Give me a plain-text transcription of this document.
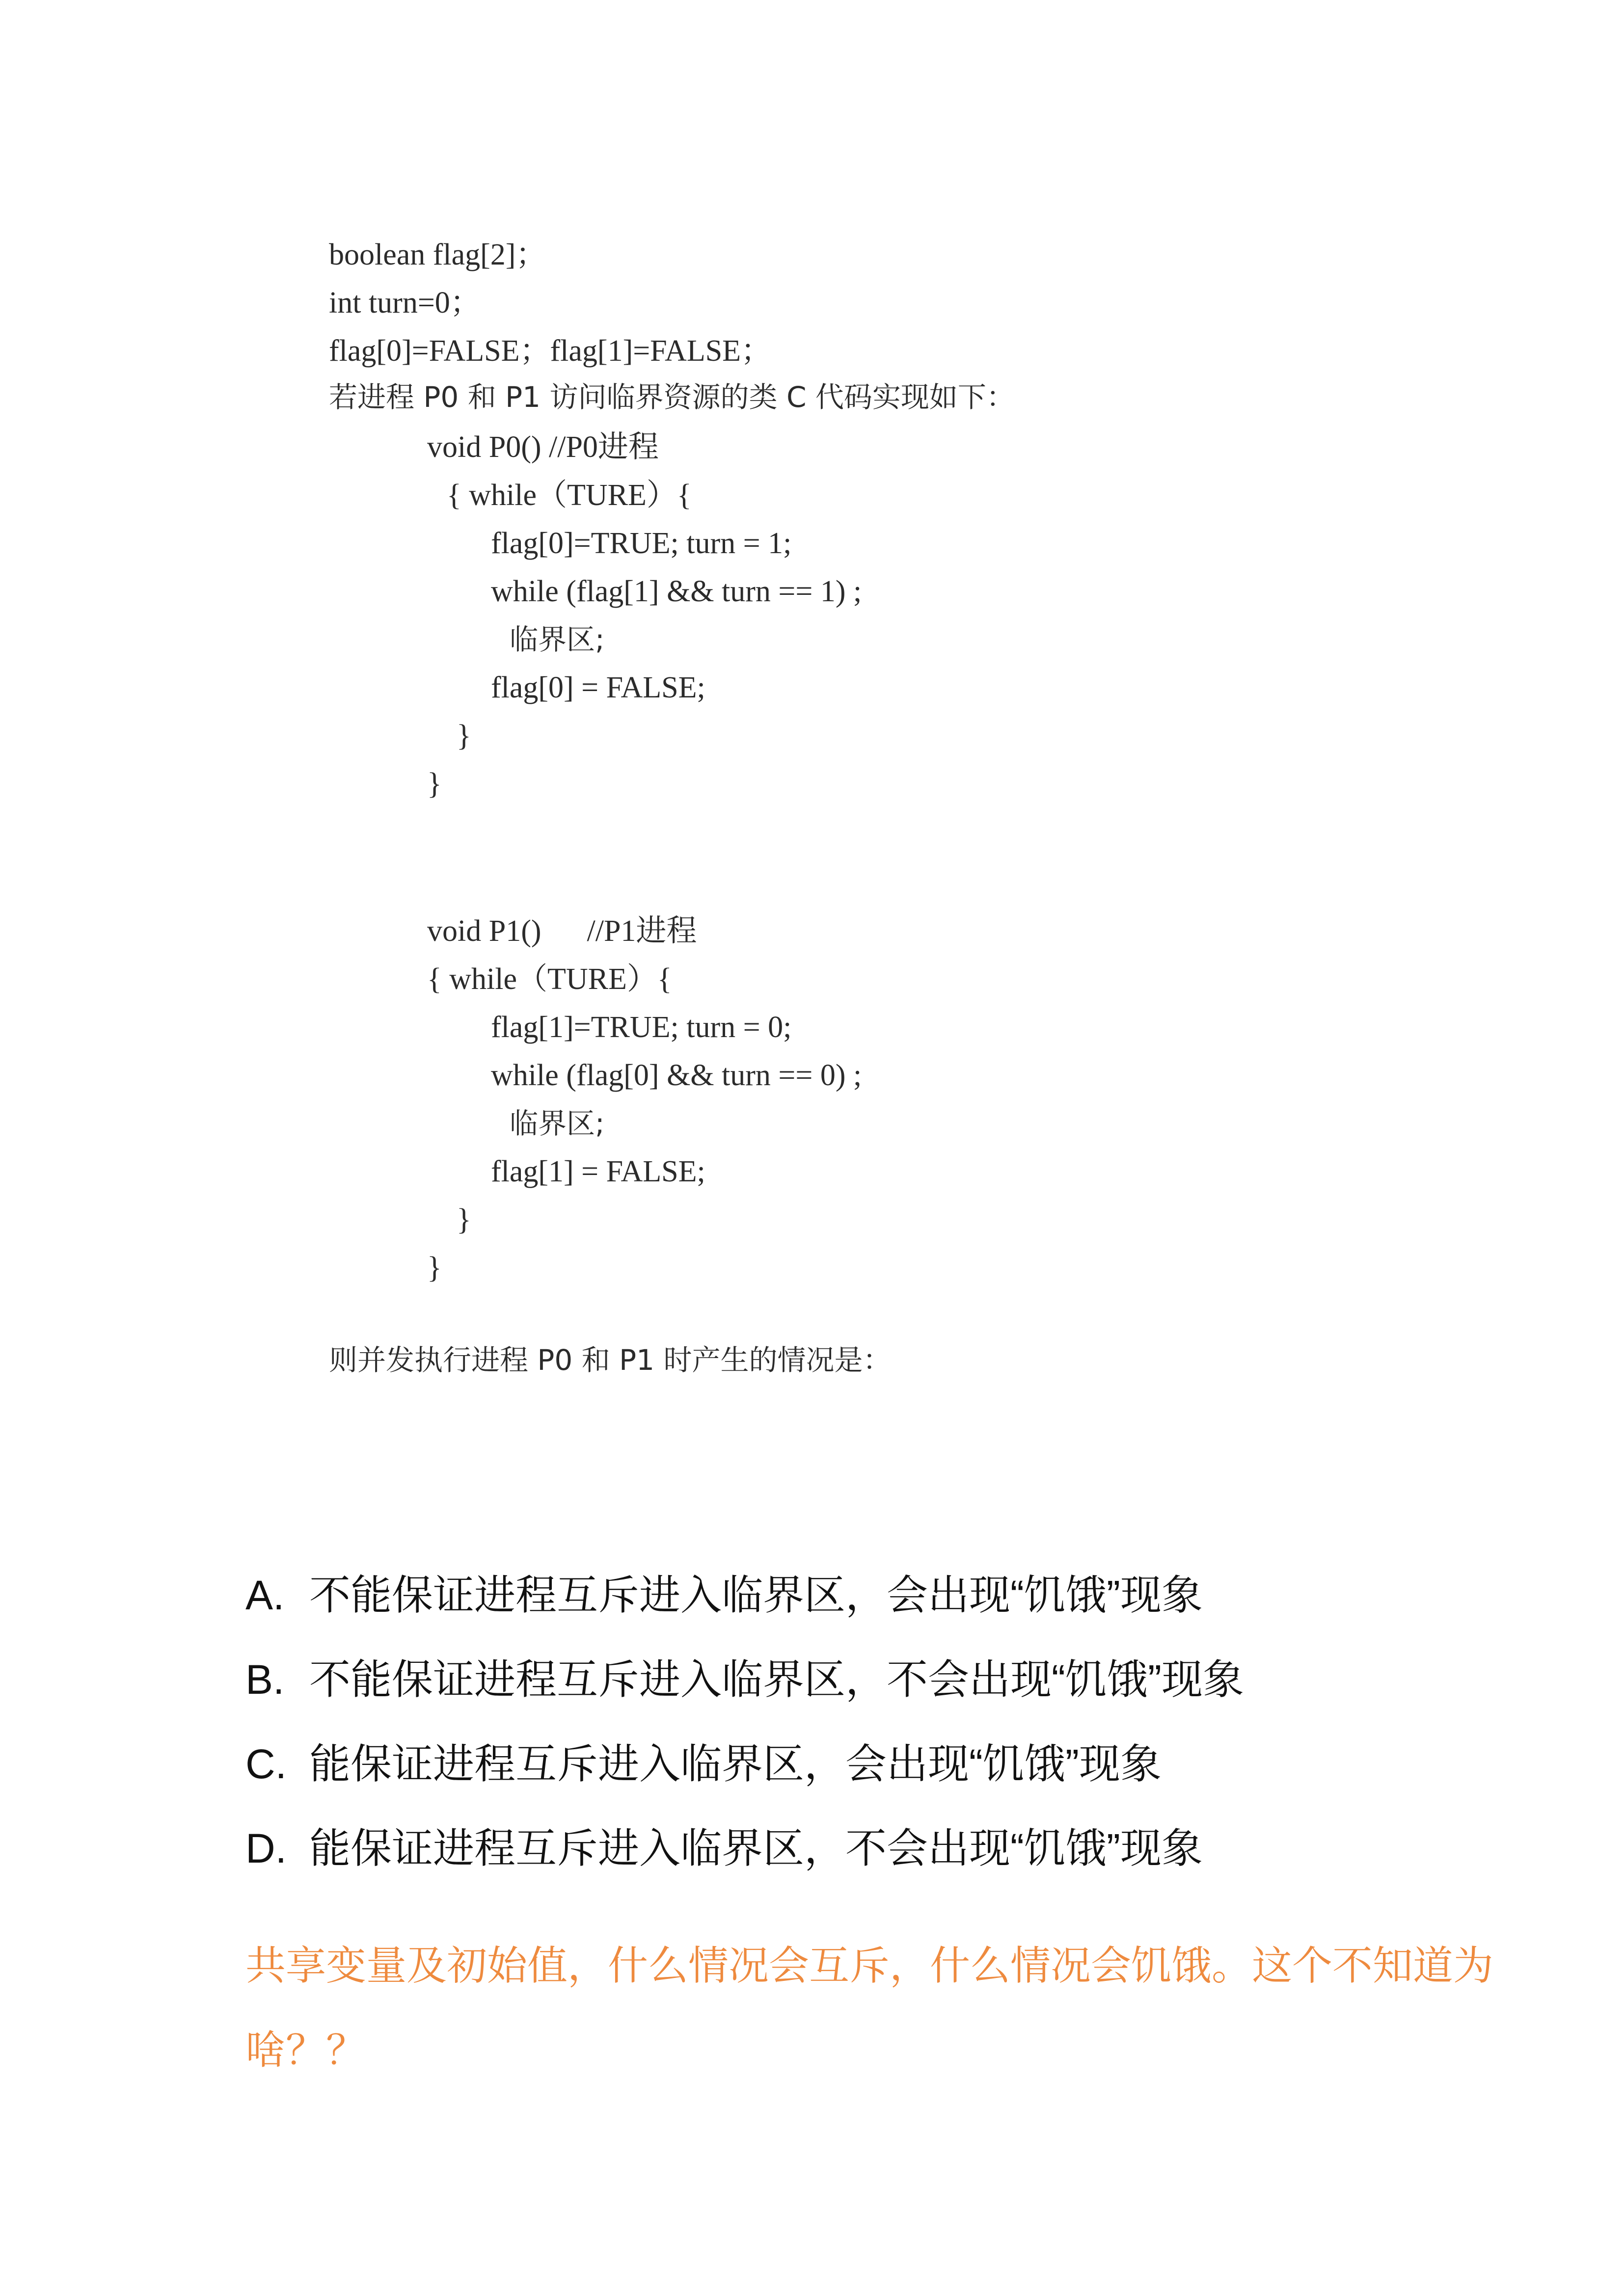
boolean flag[2]；
int turn=0；
flag[0]=FALSE；flag[1]=FALSE；
若进程 P0 和 P1 访问临界资源的类 C 代码实现如下：
void P0() //P0进程
{ while（TURE）{
flag[0]=TRUE; turn = 1;
while (flag[1] && turn == 1) ;
临界区;
flag[0] = FALSE;
}
}
void P1()      //P1进程
{ while（TURE）{
flag[1]=TRUE; turn = 0;
while (flag[0] && turn == 0) ;
临界区;
flag[1] = FALSE;
}
}
则并发执行进程 P0 和 P1 时产生的情况是：
A. 不能保证进程互斥进入临界区，会出现“饥饿”现象
B. 不能保证进程互斥进入临界区，不会出现“饥饿”现象
C. 能保证进程互斥进入临界区，会出现“饥饿”现象
D. 能保证进程互斥进入临界区，不会出现“饥饿”现象
共享变量及初始值，什么情况会互斥，什么情况会饥饿。这个不知道为啥？？
